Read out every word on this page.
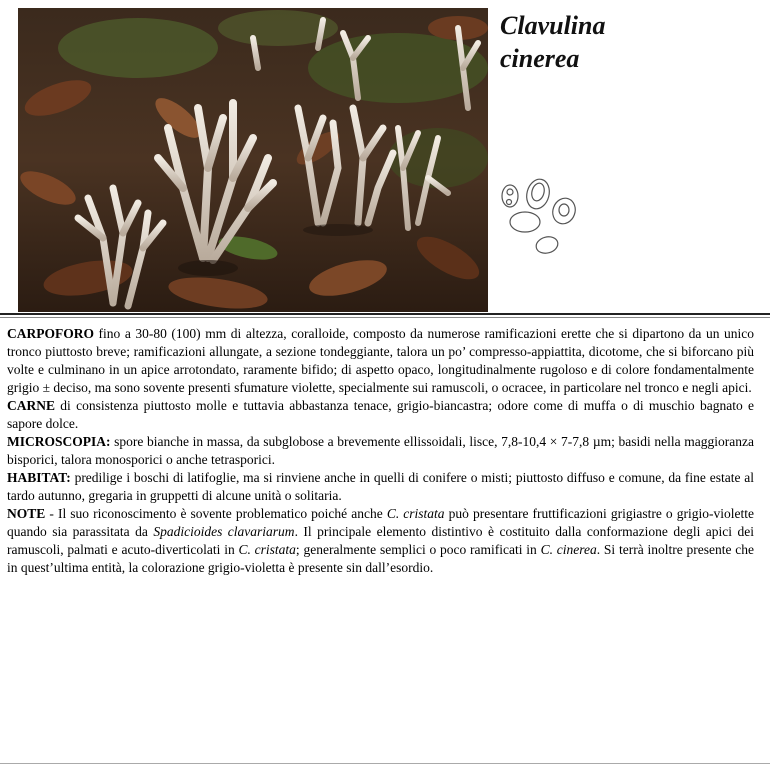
Clavulina
cinerea

CARPOFORO fino a 30-80 (100) mm di altezza, coralloide, composto da numerose ramificazioni erette che si dipartono da un unico tronco piuttosto breve; ramificazioni allungate, a sezione tondeggiante, talora un po’ compresso-appiattita, dicotome, che si biforcano più volte e culminano in un apice arrotondato, raramente bifido; di aspetto opaco, longitudinalmente rugoloso e di colore fondamentalmente grigio ± deciso, ma sono sovente presenti sfumature violette, specialmente sui ramuscoli, o ocracee, in particolare nel tronco e negli apici.

CARNE di consistenza piuttosto molle e tuttavia abbastanza tenace, grigio-biancastra; odore come di muffa o di muschio bagnato e sapore dolce.

MICROSCOPIA: spore bianche in massa, da subglobose a brevemente ellissoidali, lisce, 7,8-10,4 × 7-7,8 µm; basidi nella maggioranza bisporici, talora monosporici o anche tetrasporici.

HABITAT: predilige i boschi di latifoglie, ma si rinviene anche in quelli di conifere o misti; piuttosto diffuso e comune, da fine estate al tardo autunno, gregaria in gruppetti di alcune unità o solitaria.

NOTE - Il suo riconoscimento è sovente problematico poiché anche C. cristata può presentare fruttificazioni grigiastre o grigio-violette quando sia parassitata da Spadicioides clavariarum. Il principale elemento distintivo è costituito dalla conformazione degli apici dei ramuscoli, palmati e acuto-diverticolati in C. cristata; generalmente semplici o poco ramificati in C. cinerea. Si terrà inoltre presente che in quest’ultima entità, la colorazione grigio-violetta è presente sin dall’esordio.
